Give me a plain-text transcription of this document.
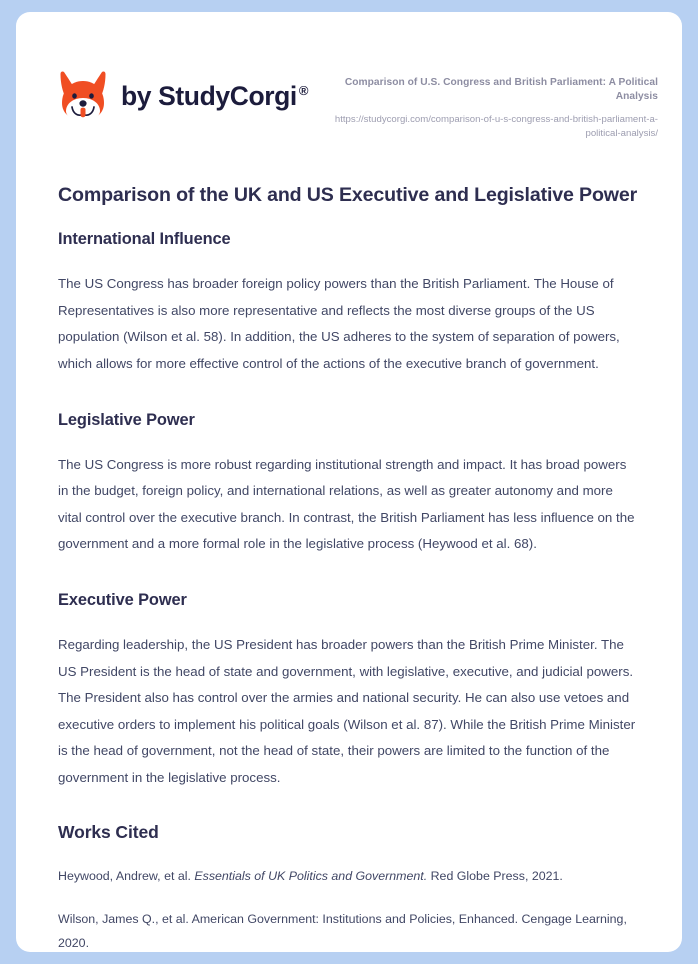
by StudyCorgi ®
Comparison of U.S. Congress and British Parliament: A Political Analysis
https://studycorgi.com/comparison-of-u-s-congress-and-british-parliament-a-political-analysis/
Comparison of the UK and US Executive and Legislative Power
International Influence

The US Congress has broader foreign policy powers than the British Parliament. The House of Representatives is also more representative and reflects the most diverse groups of the US population (Wilson et al. 58). In addition, the US adheres to the system of separation of powers, which allows for more effective control of the actions of the executive branch of government.

Legislative Power

The US Congress is more robust regarding institutional strength and impact. It has broad powers in the budget, foreign policy, and international relations, as well as greater autonomy and more vital control over the executive branch. In contrast, the British Parliament has less influence on the government and a more formal role in the legislative process (Heywood et al. 68).

Executive Power

Regarding leadership, the US President has broader powers than the British Prime Minister. The US President is the head of state and government, with legislative, executive, and judicial powers. The President also has control over the armies and national security. He can also use vetoes and executive orders to implement his political goals (Wilson et al. 87). While the British Prime Minister is the head of government, not the head of state, their powers are limited to the function of the government in the legislative process.

Works Cited

Heywood, Andrew, et al. Essentials of UK Politics and Government. Red Globe Press, 2021.

Wilson, James Q., et al. American Government: Institutions and Policies, Enhanced. Cengage Learning, 2020.
